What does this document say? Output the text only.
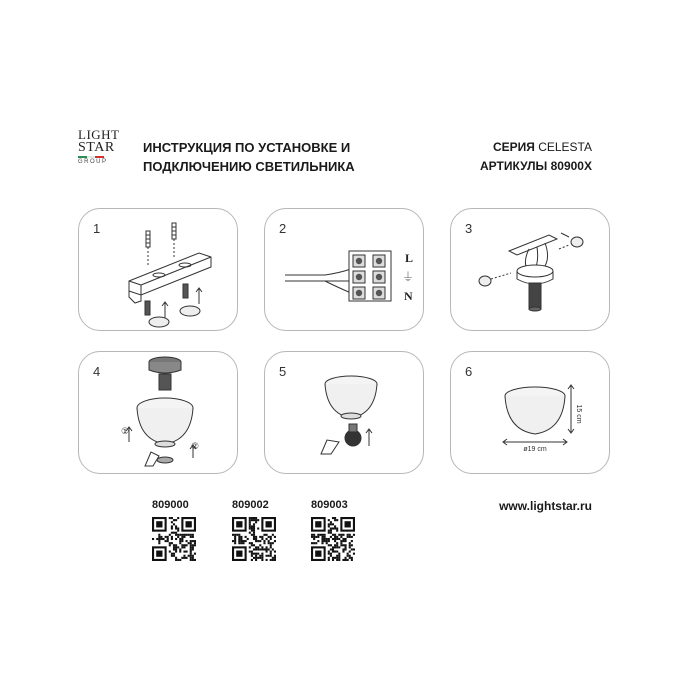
LIGHT
STAR
GROUP
ИНСТРУКЦИЯ ПО УСТАНОВКЕ И
ПОДКЛЮЧЕНИЮ СВЕТИЛЬНИКА
СЕРИЯ CELESTA
АРТИКУЛЫ 80900X
1	2
L
⏚
N
3
4
①
②
5	6
15 cm
ø19 cm
809000	809002	809003	www.lightstar.ru
